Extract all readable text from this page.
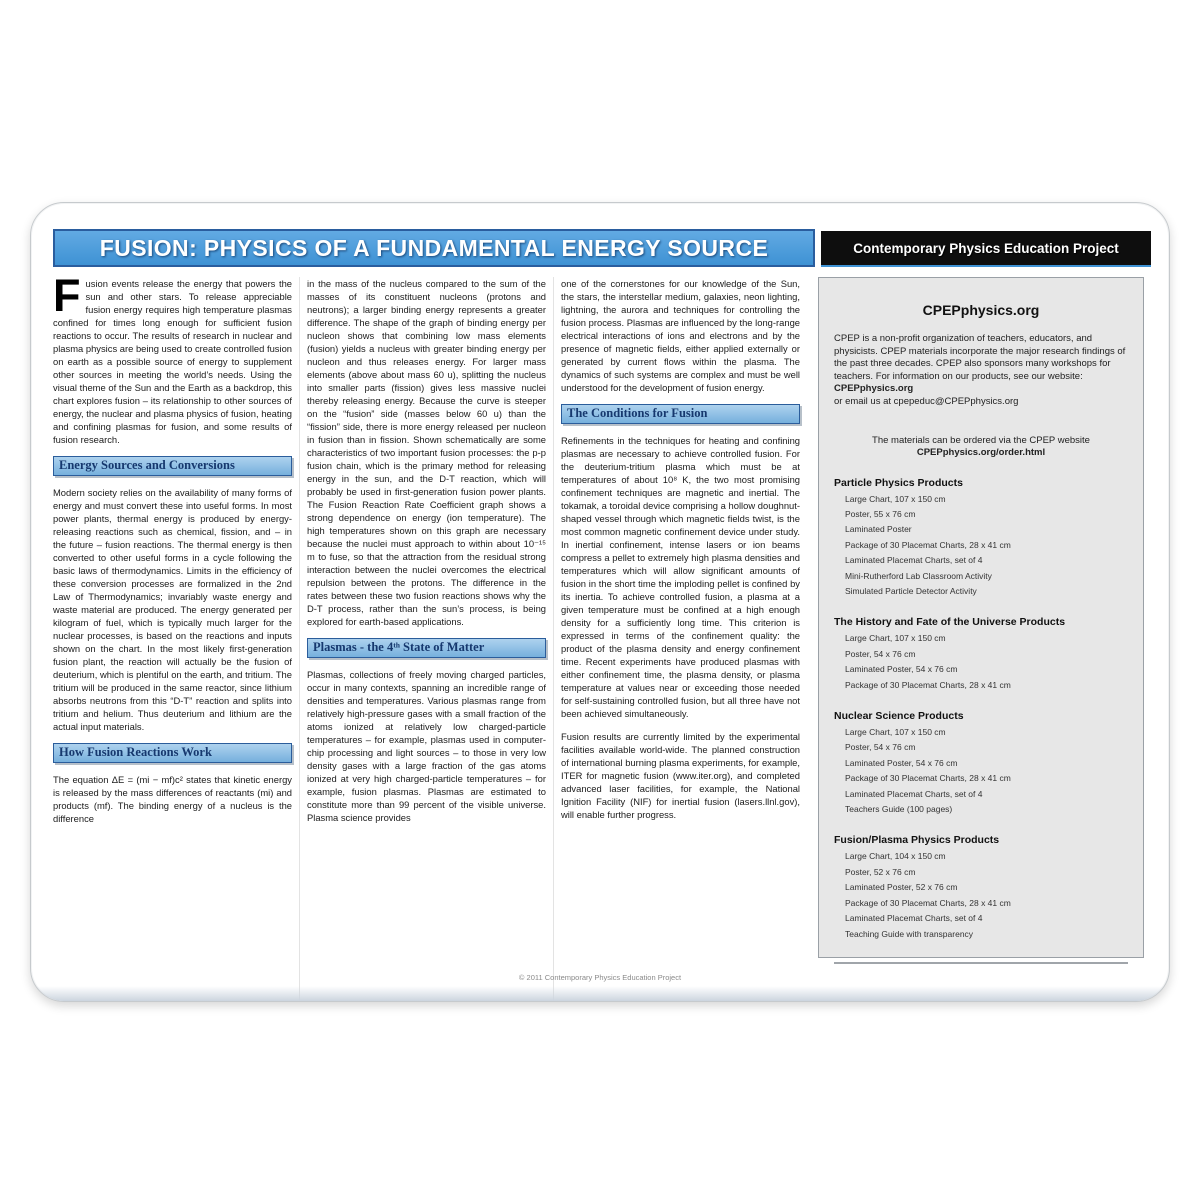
FUSION: PHYSICS OF A FUNDAMENTAL ENERGY SOURCE	Contemporary Physics Education Project

Fusion events release the energy that powers the sun and other stars. To release appreciable fusion energy requires high temperature plasmas confined for times long enough for sufficient fusion reactions to occur. The results of research in nuclear and plasma physics are being used to create controlled fusion on earth as a possible source of energy to supplement other sources in meeting the world’s needs. Using the visual theme of the Sun and the Earth as a backdrop, this chart explores fusion – its relationship to other sources of energy, the nuclear and plasma physics of fusion, heating and confining plasmas for fusion, and some results of fusion research.

Energy Sources and Conversions

Modern society relies on the availability of many forms of energy and must convert these into useful forms. In most power plants, thermal energy is produced by energy-releasing reactions such as chemical, fission, and – in the future – fusion reactions. The thermal energy is then converted to other useful forms in a cycle following the basic laws of thermodynamics. Limits in the efficiency of these conversion processes are formalized in the 2nd Law of Thermodynamics; invariably waste energy and waste material are produced. The energy generated per kilogram of fuel, which is typically much larger for the nuclear processes, is based on the reactions and inputs shown on the chart. In the most likely first-generation fusion plant, the reaction will actually be the fusion of deuterium, which is plentiful on the earth, and tritium. The tritium will be produced in the same reactor, since lithium absorbs neutrons from this “D-T” reaction and splits into tritium and helium. Thus deuterium and lithium are the actual input materials.

How Fusion Reactions Work

The equation ΔE = (mi − mf)c² states that kinetic energy is released by the mass differences of reactants (mi) and products (mf). The binding energy of a nucleus is the difference

in the mass of the nucleus compared to the sum of the masses of its constituent nucleons (protons and neutrons); a larger binding energy represents a greater difference. The shape of the graph of binding energy per nucleon shows that combining low mass elements (fusion) yields a nucleus with greater binding energy per nucleon and thus releases energy. For larger mass elements (above about mass 60 u), splitting the nucleus into smaller parts (fission) gives less massive nuclei thereby releasing energy. Because the curve is steeper on the “fusion” side (masses below 60 u) than the “fission” side, there is more energy released per nucleon in fusion than in fission. Shown schematically are some characteristics of two important fusion processes: the p-p fusion chain, which is the primary method for releasing energy in the sun, and the D-T reaction, which will probably be used in first-generation fusion power plants. The Fusion Reaction Rate Coefficient graph shows a strong dependence on energy (ion temperature). The high temperatures shown on this graph are necessary because the nuclei must approach to within about 10⁻¹⁵ m to fuse, so that the attraction from the residual strong interaction between the nuclei overcomes the electrical repulsion between the protons. The difference in the rates between these two fusion reactions shows why the D-T process, rather than the sun’s process, is being explored for earth-based applications.

Plasmas - the 4ᵗʰ State of Matter

Plasmas, collections of freely moving charged particles, occur in many contexts, spanning an incredible range of densities and temperatures. Various plasmas range from relatively high-pressure gases with a small fraction of the atoms ionized at relatively low charged-particle temperatures – for example, plasmas used in computer-chip processing and light sources – to those in very low density gases with a large fraction of the gas atoms ionized at very high charged-particle temperatures – for example, fusion plasmas. Plasmas are estimated to constitute more than 99 percent of the visible universe. Plasma science provides

one of the cornerstones for our knowledge of the Sun, the stars, the interstellar medium, galaxies, neon lighting, lightning, the aurora and techniques for controlling the fusion process. Plasmas are influenced by the long-range electrical interactions of ions and electrons and by the presence of magnetic fields, either applied externally or generated by current flows within the plasma. The dynamics of such systems are complex and must be well understood for the development of fusion energy.

The Conditions for Fusion

Refinements in the techniques for heating and confining plasmas are necessary to achieve controlled fusion. For the deuterium-tritium plasma which must be at temperatures of about 10⁸ K, the two most promising confinement techniques are magnetic and inertial. The tokamak, a toroidal device comprising a hollow doughnut-shaped vessel through which magnetic fields twist, is the most common magnetic confinement device under study. In inertial confinement, intense lasers or ion beams compress a pellet to extremely high plasma densities and temperatures which will allow significant amounts of fusion in the short time the imploding pellet is confined by its inertia. To achieve controlled fusion, a plasma at a given temperature must be confined at a high enough density for a sufficiently long time. This criterion is expressed in terms of the confinement quality: the product of the plasma density and energy confinement time. Recent experiments have produced plasmas with either confinement time, the plasma density, or plasma temperature at values near or exceeding those needed for self-sustaining controlled fusion, but all three have not been achieved simultaneously.

Fusion results are currently limited by the experimental facilities available world-wide. The planned construction of international burning plasma experiments, for example, ITER for magnetic fusion (www.iter.org), and completed advanced laser facilities, for example, the National Ignition Facility (NIF) for inertial fusion (lasers.llnl.gov), will enable further progress.

CPEPphysics.org
CPEP is a non-profit organization of teachers, educators, and physicists. CPEP materials incorporate the major research findings of the past three decades. CPEP also sponsors many workshops for teachers. For information on our products, see our website: CPEPphysics.org
or email us at cpepeduc@CPEPphysics.org
The materials can be ordered via the CPEP website
CPEPphysics.org/order.html
Particle Physics Products
Large Chart, 107 x 150 cm
Poster, 55 x 76 cm
Laminated Poster
Package of 30 Placemat Charts, 28 x 41 cm
Laminated Placemat Charts, set of 4
Mini-Rutherford Lab Classroom Activity
Simulated Particle Detector Activity
The History and Fate of the Universe Products
Large Chart, 107 x 150 cm
Poster, 54 x 76 cm
Laminated Poster, 54 x 76 cm
Package of 30 Placemat Charts, 28 x 41 cm
Nuclear Science Products
Large Chart, 107 x 150 cm
Poster, 54 x 76 cm
Laminated Poster, 54 x 76 cm
Package of 30 Placemat Charts, 28 x 41 cm
Laminated Placemat Charts, set of 4
Teachers Guide (100 pages)
Fusion/Plasma Physics Products
Large Chart, 104 x 150 cm
Poster, 52 x 76 cm
Laminated Poster, 52 x 76 cm
Package of 30 Placemat Charts, 28 x 41 cm
Laminated Placemat Charts, set of 4
Teaching Guide with transparency
© 2011 Contemporary Physics Education Project
